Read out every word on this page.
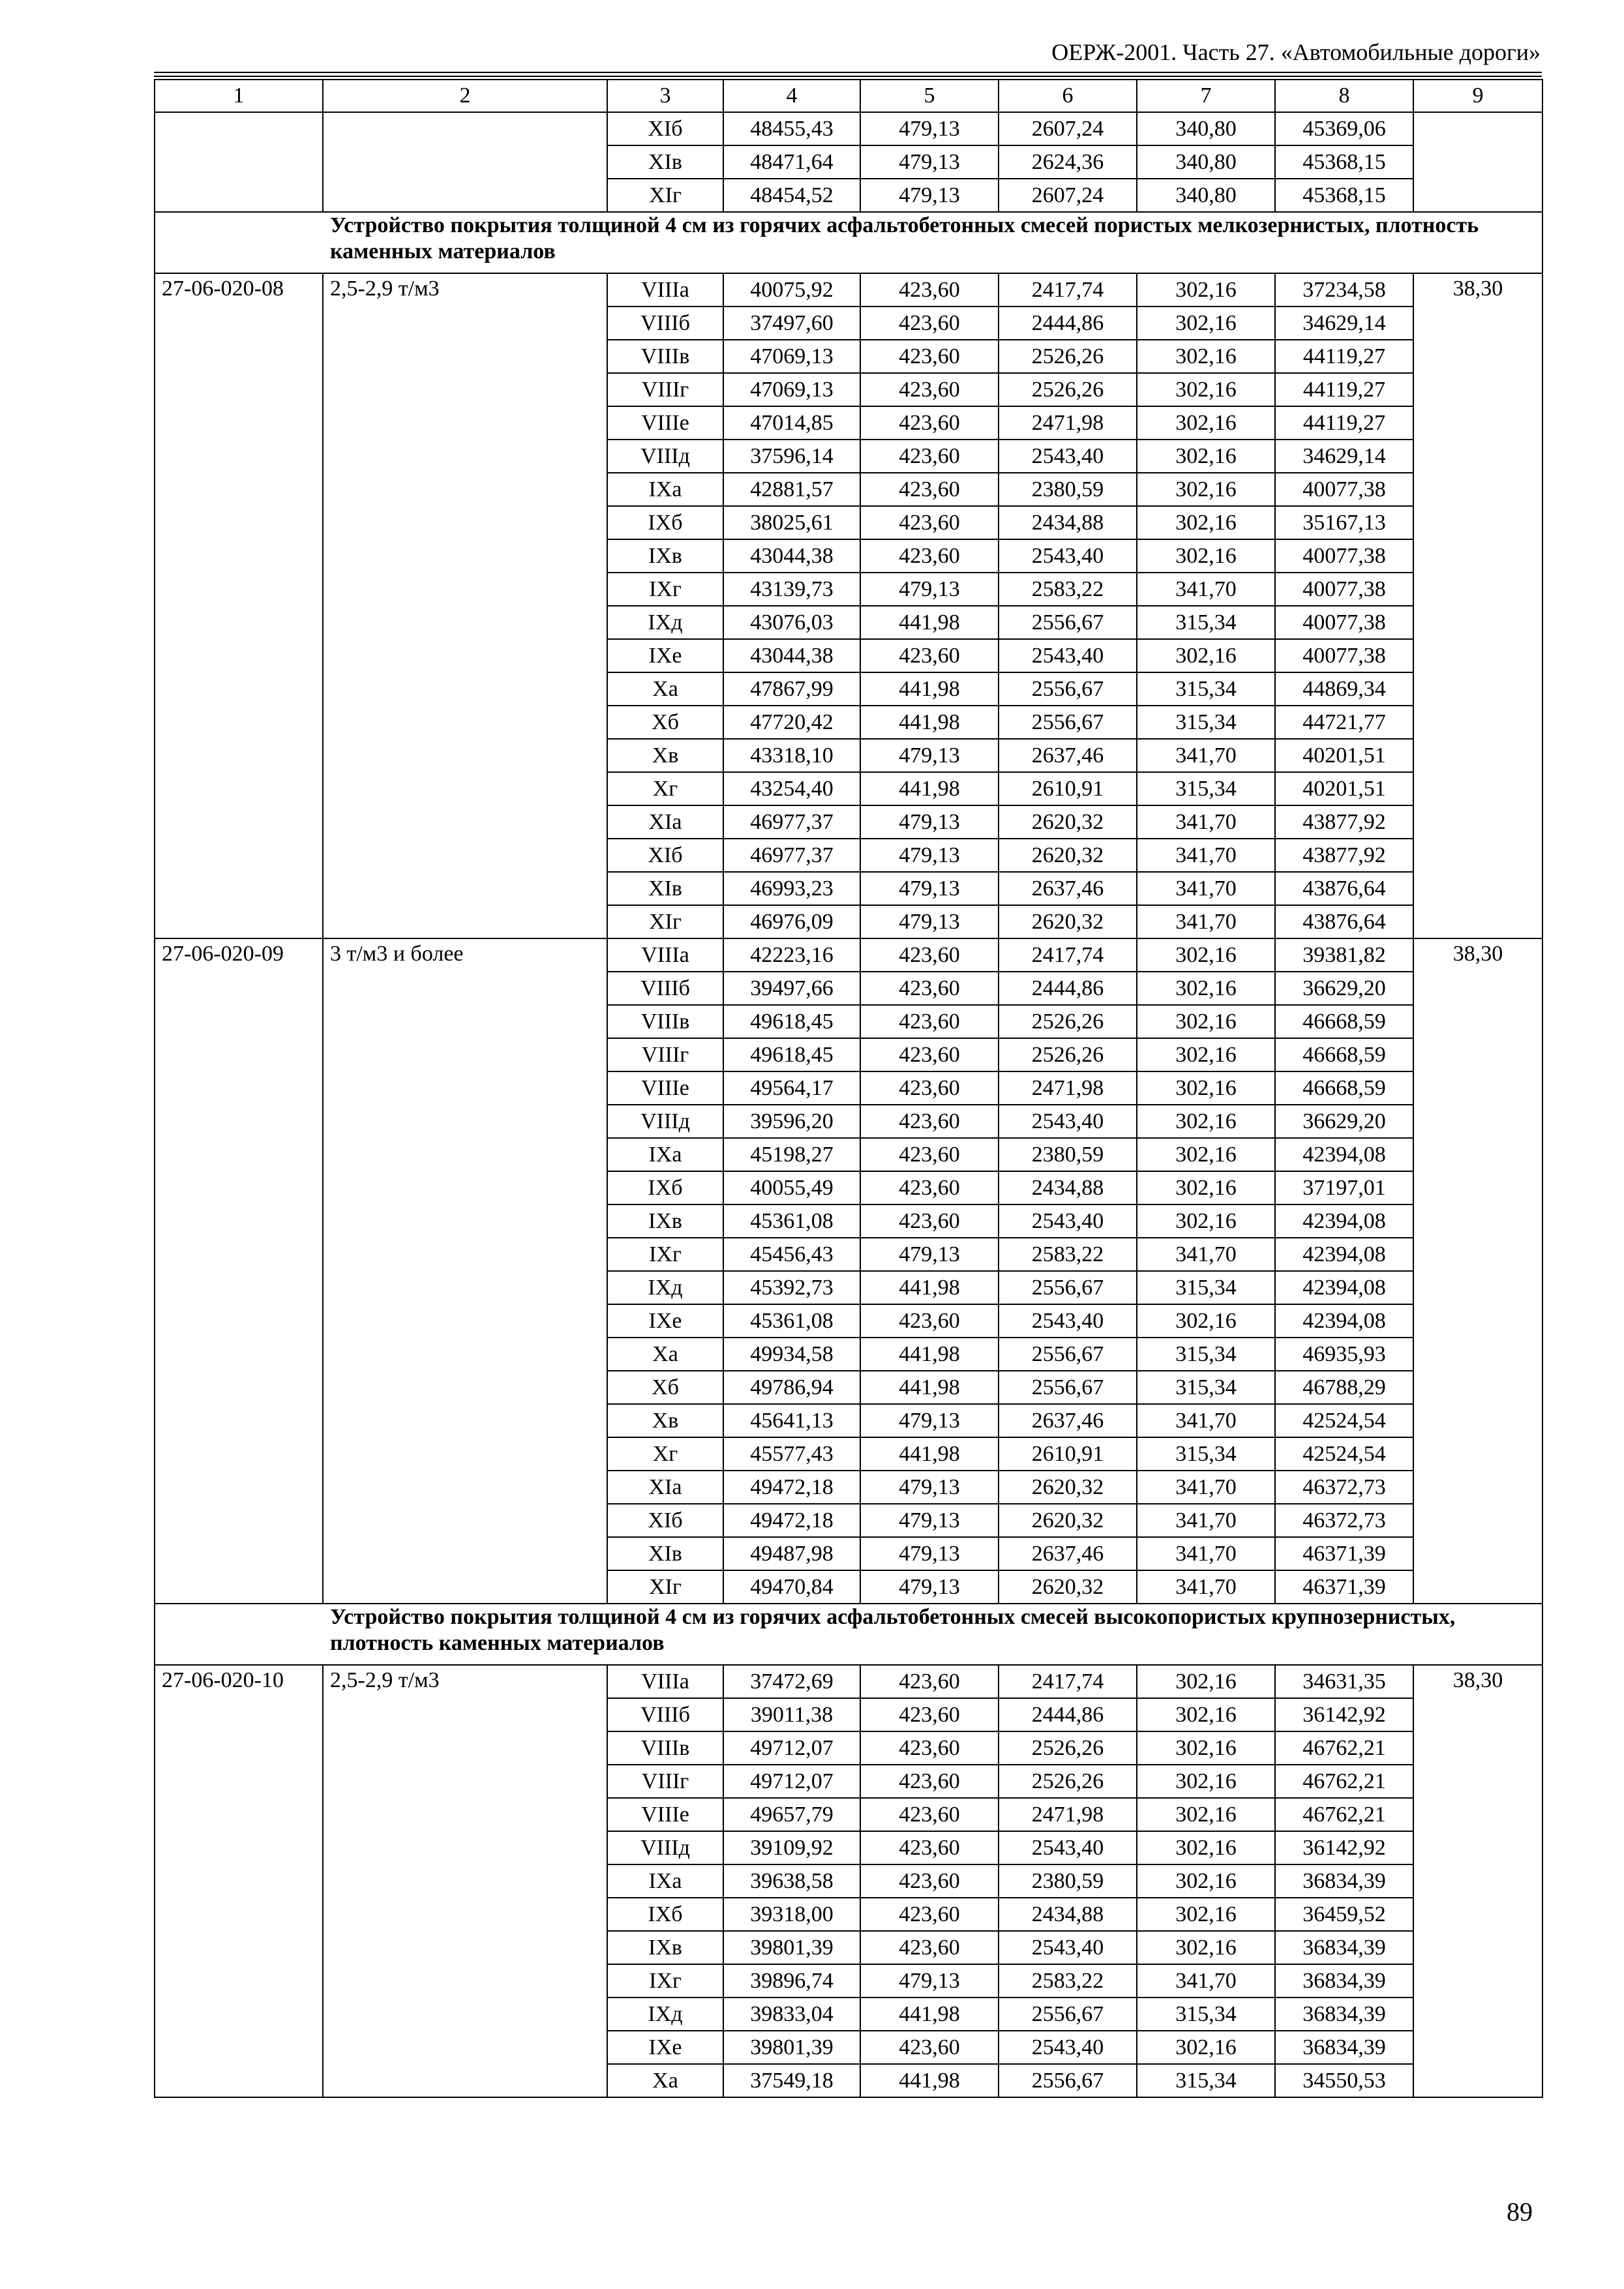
ОЕРЖ-2001. Часть 27. «Автомобильные дороги»
1	2	3	4	5	6	7	8	9
		XIб	48455,43	479,13	2607,24	340,80	45369,06	
		XIв	48471,64	479,13	2624,36	340,80	45368,15	
		XIг	48454,52	479,13	2607,24	340,80	45368,15	
Устройство покрытия толщиной 4 см из горячих асфальтобетонных смесей пористых мелкозернистых, плотность каменных материалов								
27-06-020-08	2,5-2,9 т/м3	VIIIа	40075,92	423,60	2417,74	302,16	37234,58	38,30
		VIIIб	37497,60	423,60	2444,86	302,16	34629,14	
		VIIIв	47069,13	423,60	2526,26	302,16	44119,27	
		VIIIг	47069,13	423,60	2526,26	302,16	44119,27	
		VIIIе	47014,85	423,60	2471,98	302,16	44119,27	
		VIIIд	37596,14	423,60	2543,40	302,16	34629,14	
		IXа	42881,57	423,60	2380,59	302,16	40077,38	
		IXб	38025,61	423,60	2434,88	302,16	35167,13	
		IXв	43044,38	423,60	2543,40	302,16	40077,38	
		IXг	43139,73	479,13	2583,22	341,70	40077,38	
		IXд	43076,03	441,98	2556,67	315,34	40077,38	
		IXе	43044,38	423,60	2543,40	302,16	40077,38	
		Xа	47867,99	441,98	2556,67	315,34	44869,34	
		Xб	47720,42	441,98	2556,67	315,34	44721,77	
		Xв	43318,10	479,13	2637,46	341,70	40201,51	
		Xг	43254,40	441,98	2610,91	315,34	40201,51	
		XIа	46977,37	479,13	2620,32	341,70	43877,92	
		XIб	46977,37	479,13	2620,32	341,70	43877,92	
		XIв	46993,23	479,13	2637,46	341,70	43876,64	
		XIг	46976,09	479,13	2620,32	341,70	43876,64	
27-06-020-09	3 т/м3 и более	VIIIа	42223,16	423,60	2417,74	302,16	39381,82	38,30
		VIIIб	39497,66	423,60	2444,86	302,16	36629,20	
		VIIIв	49618,45	423,60	2526,26	302,16	46668,59	
		VIIIг	49618,45	423,60	2526,26	302,16	46668,59	
		VIIIе	49564,17	423,60	2471,98	302,16	46668,59	
		VIIIд	39596,20	423,60	2543,40	302,16	36629,20	
		IXа	45198,27	423,60	2380,59	302,16	42394,08	
		IXб	40055,49	423,60	2434,88	302,16	37197,01	
		IXв	45361,08	423,60	2543,40	302,16	42394,08	
		IXг	45456,43	479,13	2583,22	341,70	42394,08	
		IXд	45392,73	441,98	2556,67	315,34	42394,08	
		IXе	45361,08	423,60	2543,40	302,16	42394,08	
		Xа	49934,58	441,98	2556,67	315,34	46935,93	
		Xб	49786,94	441,98	2556,67	315,34	46788,29	
		Xв	45641,13	479,13	2637,46	341,70	42524,54	
		Xг	45577,43	441,98	2610,91	315,34	42524,54	
		XIа	49472,18	479,13	2620,32	341,70	46372,73	
		XIб	49472,18	479,13	2620,32	341,70	46372,73	
		XIв	49487,98	479,13	2637,46	341,70	46371,39	
		XIг	49470,84	479,13	2620,32	341,70	46371,39	
Устройство покрытия толщиной 4 см из горячих асфальтобетонных смесей высокопористых крупнозернистых, плотность каменных материалов								
27-06-020-10	2,5-2,9 т/м3	VIIIа	37472,69	423,60	2417,74	302,16	34631,35	38,30
		VIIIб	39011,38	423,60	2444,86	302,16	36142,92	
		VIIIв	49712,07	423,60	2526,26	302,16	46762,21	
		VIIIг	49712,07	423,60	2526,26	302,16	46762,21	
		VIIIе	49657,79	423,60	2471,98	302,16	46762,21	
		VIIIд	39109,92	423,60	2543,40	302,16	36142,92	
		IXа	39638,58	423,60	2380,59	302,16	36834,39	
		IXб	39318,00	423,60	2434,88	302,16	36459,52	
		IXв	39801,39	423,60	2543,40	302,16	36834,39	
		IXг	39896,74	479,13	2583,22	341,70	36834,39	
		IXд	39833,04	441,98	2556,67	315,34	36834,39	
		IXе	39801,39	423,60	2543,40	302,16	36834,39	
		Xа	37549,18	441,98	2556,67	315,34	34550,53	
89
